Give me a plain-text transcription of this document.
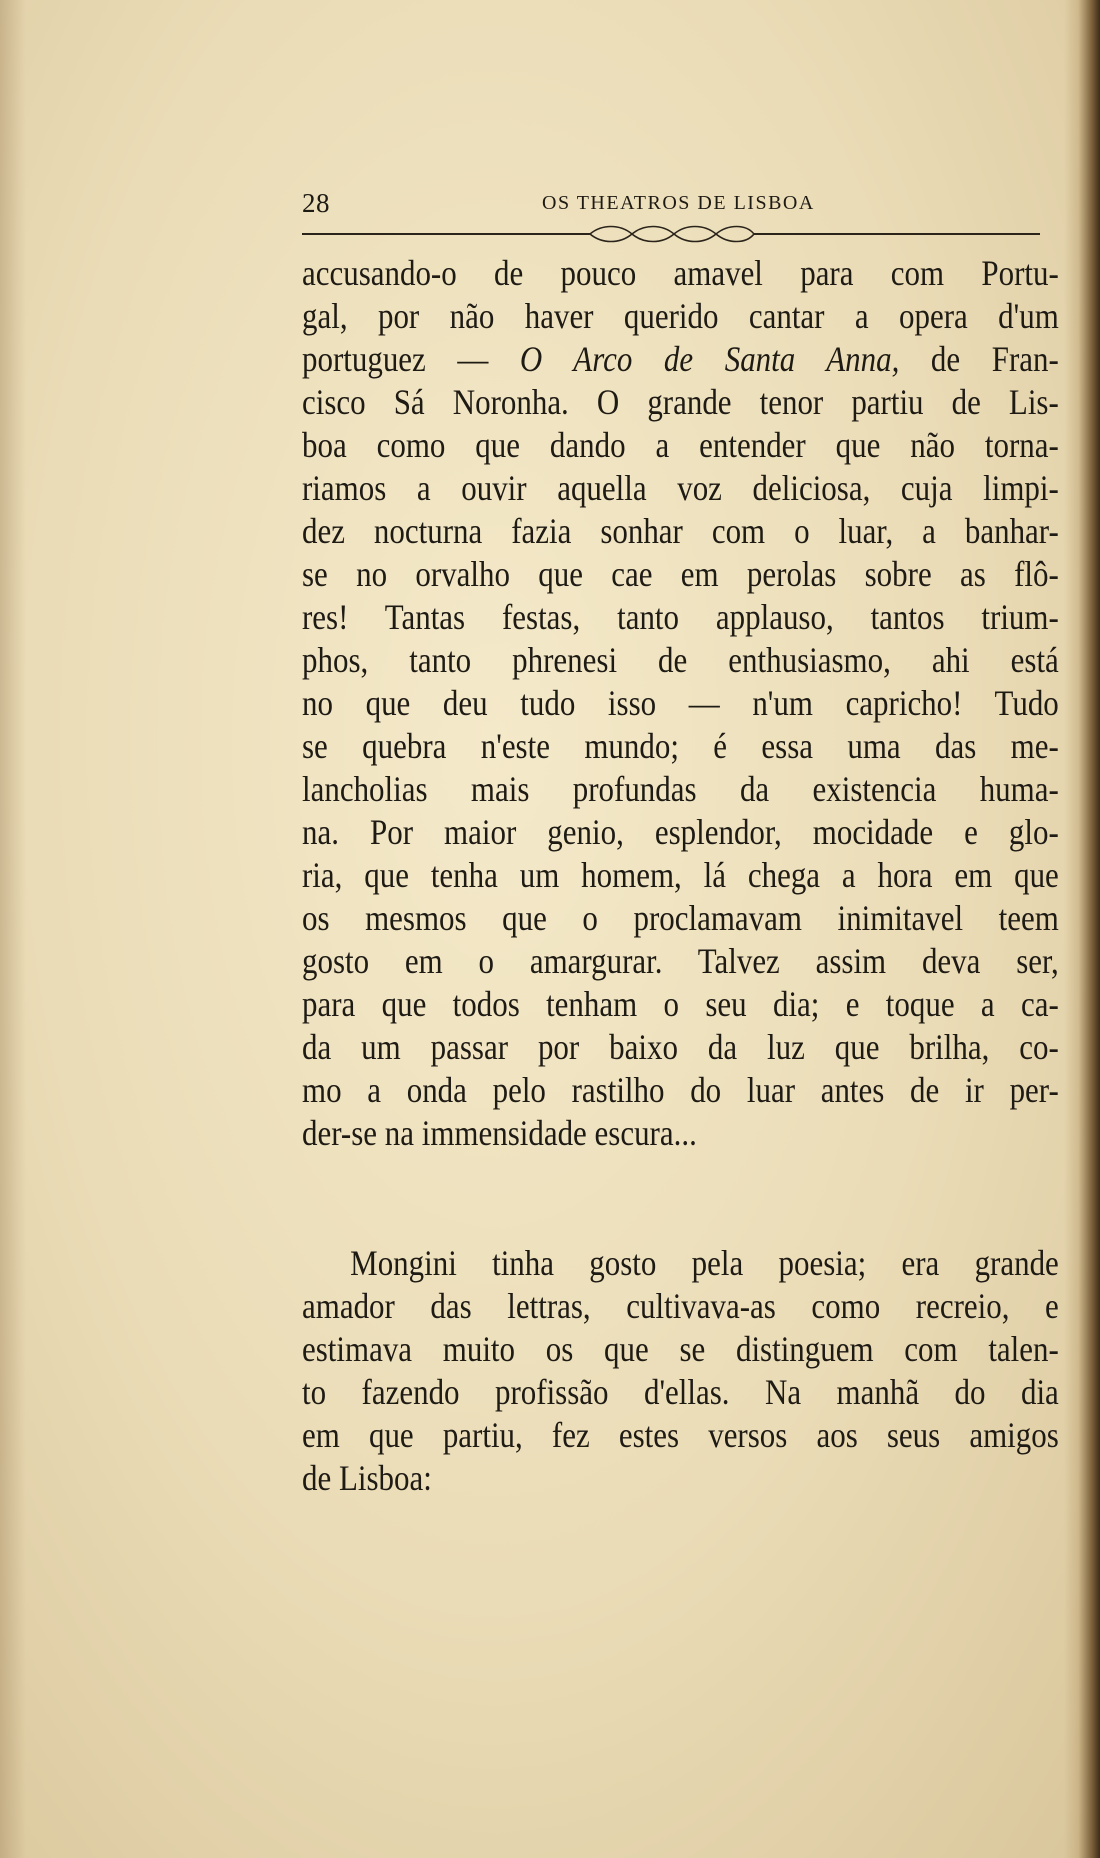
28	OS THEATROS DE LISBOA
accusando-o de pouco amavel para com Portu-
gal, por não haver querido cantar a opera d'um
portuguez — O Arco de Santa Anna, de Fran-
cisco Sá Noronha. O grande tenor partiu de Lis-
boa como que dando a entender que não torna-
riamos a ouvir aquella voz deliciosa, cuja limpi-
dez nocturna fazia sonhar com o luar, a banhar-
se no orvalho que cae em perolas sobre as flô-
res! Tantas festas, tanto applauso, tantos trium-
phos, tanto phrenesi de enthusiasmo, ahi está
no que deu tudo isso — n'um capricho! Tudo
se quebra n'este mundo; é essa uma das me-
lancholias mais profundas da existencia huma-
na. Por maior genio, esplendor, mocidade e glo-
ria, que tenha um homem, lá chega a hora em que
os mesmos que o proclamavam inimitavel teem
gosto em o amargurar. Talvez assim deva ser,
para que todos tenham o seu dia; e toque a ca-
da um passar por baixo da luz que brilha, co-
mo a onda pelo rastilho do luar antes de ir per-
der-se na immensidade escura...
Mongini tinha gosto pela poesia; era grande
amador das lettras, cultivava-as como recreio, e
estimava muito os que se distinguem com talen-
to fazendo profissão d'ellas. Na manhã do dia
em que partiu, fez estes versos aos seus amigos
de Lisboa:
